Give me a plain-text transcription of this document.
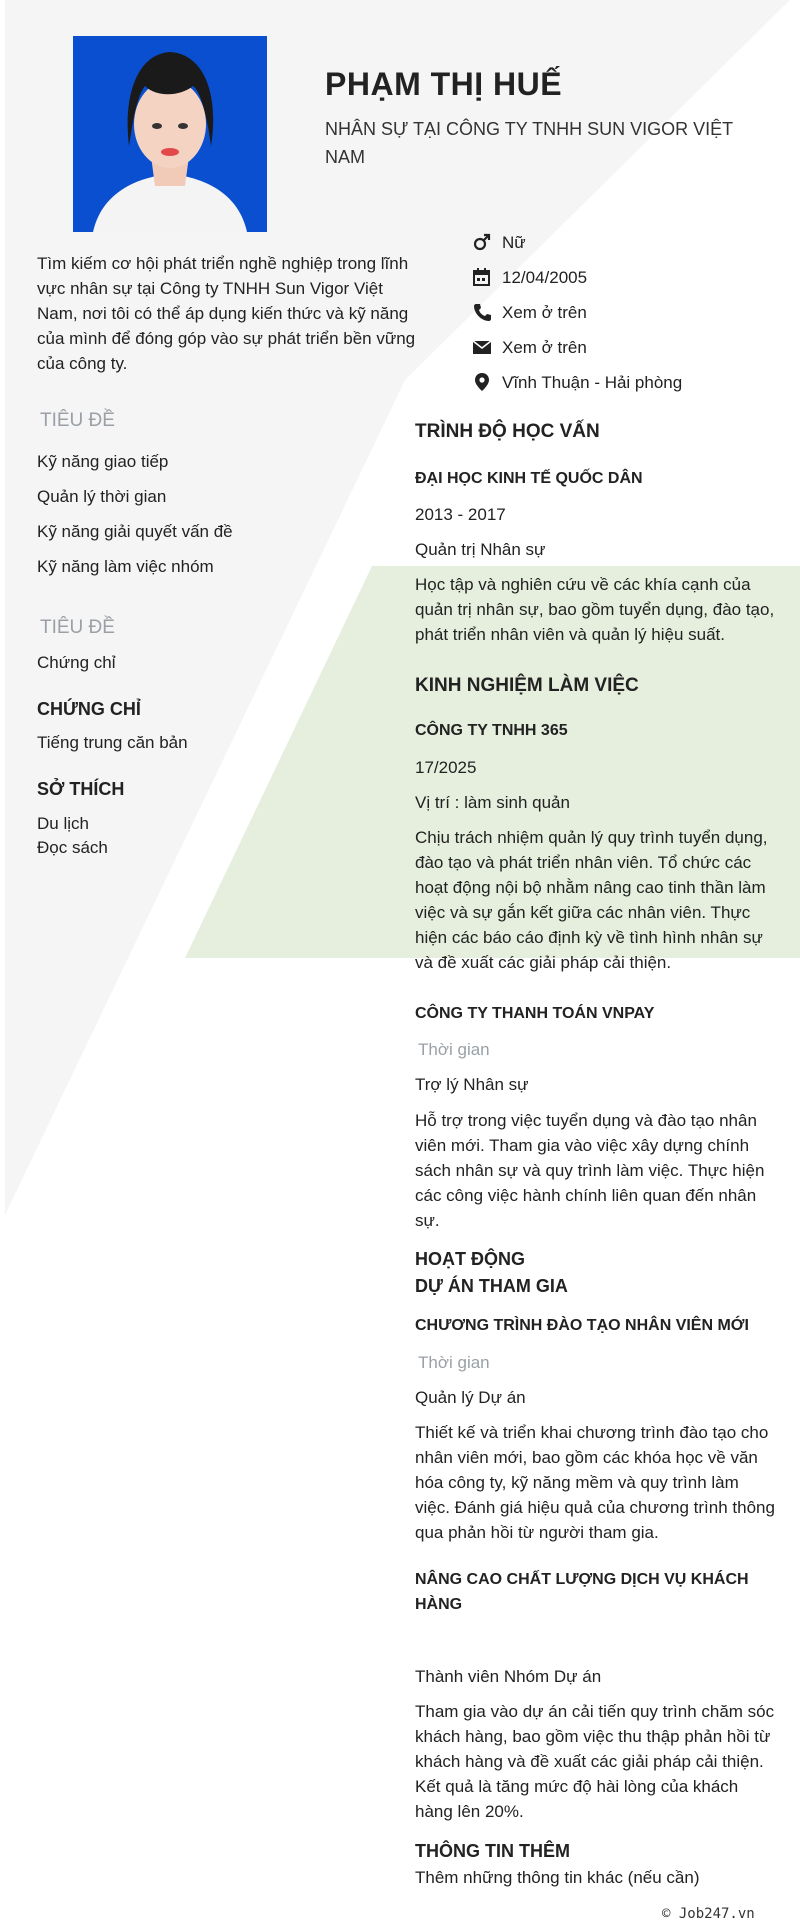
PHẠM THỊ HUẾ
NHÂN SỰ TẠI CÔNG TY TNHH SUN VIGOR VIỆT NAM
Tìm kiếm cơ hội phát triển nghề nghiệp trong lĩnh vực nhân sự tại Công ty TNHH Sun Vigor Việt Nam, nơi tôi có thể áp dụng kiến thức và kỹ năng của mình để đóng góp vào sự phát triển bền vững của công ty.
Nữ
12/04/2005
Xem ở trên
Xem ở trên
Vĩnh Thuận - Hải phòng
TIÊU ĐỀ
Kỹ năng giao tiếp
Quản lý thời gian
Kỹ năng giải quyết vấn đề
Kỹ năng làm việc nhóm
TIÊU ĐỀ
Chứng chỉ
CHỨNG CHỈ
Tiếng trung căn bản
SỞ THÍCH
Du lịch
Đọc sách
TRÌNH ĐỘ HỌC VẤN
ĐẠI HỌC KINH TẾ QUỐC DÂN
2013 - 2017
Quản trị Nhân sự
Học tập và nghiên cứu về các khía cạnh của quản trị nhân sự, bao gồm tuyển dụng, đào tạo, phát triển nhân viên và quản lý hiệu suất.
KINH NGHIỆM LÀM VIỆC
CÔNG TY TNHH 365
17/2025
Vị trí : làm sinh quản
Chịu trách nhiệm quản lý quy trình tuyển dụng, đào tạo và phát triển nhân viên. Tổ chức các hoạt động nội bộ nhằm nâng cao tinh thần làm việc và sự gắn kết giữa các nhân viên. Thực hiện các báo cáo định kỳ về tình hình nhân sự và đề xuất các giải pháp cải thiện.
CÔNG TY THANH TOÁN VNPAY
Thời gian
Trợ lý Nhân sự
Hỗ trợ trong việc tuyển dụng và đào tạo nhân viên mới. Tham gia vào việc xây dựng chính sách nhân sự và quy trình làm việc. Thực hiện các công việc hành chính liên quan đến nhân sự.
HOẠT ĐỘNG
DỰ ÁN THAM GIA
CHƯƠNG TRÌNH ĐÀO TẠO NHÂN VIÊN MỚI
Thời gian
Quản lý Dự án
Thiết kế và triển khai chương trình đào tạo cho nhân viên mới, bao gồm các khóa học về văn hóa công ty, kỹ năng mềm và quy trình làm việc. Đánh giá hiệu quả của chương trình thông qua phản hồi từ người tham gia.
NÂNG CAO CHẤT LƯỢNG DỊCH VỤ KHÁCH HÀNG
Thành viên Nhóm Dự án
Tham gia vào dự án cải tiến quy trình chăm sóc khách hàng, bao gồm việc thu thập phản hồi từ khách hàng và đề xuất các giải pháp cải thiện. Kết quả là tăng mức độ hài lòng của khách hàng lên 20%.
THÔNG TIN THÊM
Thêm những thông tin khác (nếu cần)
© Job247.vn
